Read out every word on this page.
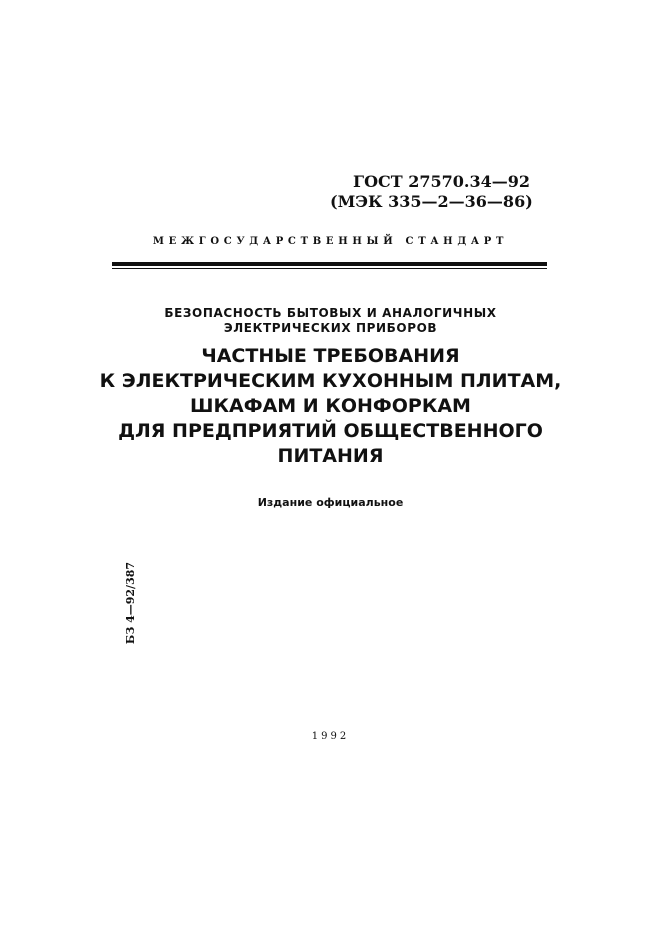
ГОСТ 27570.34—92
(МЭК 335—2—36—86)
МЕЖГОСУДАРСТВЕННЫЙ СТАНДАРТ
БЕЗОПАСНОСТЬ БЫТОВЫХ И АНАЛОГИЧНЫХ
ЭЛЕКТРИЧЕСКИХ ПРИБОРОВ
ЧАСТНЫЕ ТРЕБОВАНИЯ
К ЭЛЕКТРИЧЕСКИМ КУХОННЫМ ПЛИТАМ,
ШКАФАМ И КОНФОРКАМ
ДЛЯ ПРЕДПРИЯТИЙ ОБЩЕСТВЕННОГО
ПИТАНИЯ
Издание официальное
БЗ 4—92/387
1992
